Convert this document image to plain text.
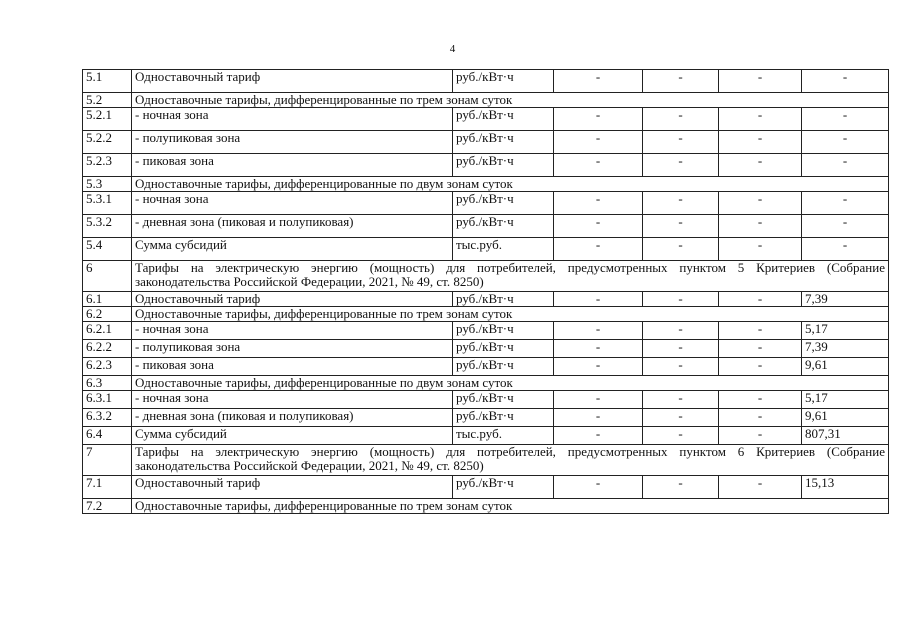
4
5.1	Одноставочный тариф	руб./кВт·ч	-	-	-	-
5.2	Одноставочные тарифы, дифференцированные по трем зонам суток					
5.2.1	- ночная зона	руб./кВт·ч	-	-	-	-
5.2.2	- полупиковая зона	руб./кВт·ч	-	-	-	-
5.2.3	- пиковая зона	руб./кВт·ч	-	-	-	-
5.3	Одноставочные тарифы, дифференцированные по двум зонам суток					
5.3.1	- ночная зона	руб./кВт·ч	-	-	-	-
5.3.2	- дневная зона (пиковая и полупиковая)	руб./кВт·ч	-	-	-	-
5.4	Сумма субсидий	тыс.руб.	-	-	-	-
6	Тарифы на электрическую энергию (мощность) для потребителей, предусмотренных пунктом 5 Критериев (Собрание законодательства Российской Федерации, 2021, № 49, ст. 8250)					
6.1	Одноставочный тариф	руб./кВт·ч	-	-	-	7,39
6.2	Одноставочные тарифы, дифференцированные по трем зонам суток					
6.2.1	- ночная зона	руб./кВт·ч	-	-	-	5,17
6.2.2	- полупиковая зона	руб./кВт·ч	-	-	-	7,39
6.2.3	- пиковая зона	руб./кВт·ч	-	-	-	9,61
6.3	Одноставочные тарифы, дифференцированные по двум зонам суток					
6.3.1	- ночная зона	руб./кВт·ч	-	-	-	5,17
6.3.2	- дневная зона (пиковая и полупиковая)	руб./кВт·ч	-	-	-	9,61
6.4	Сумма субсидий	тыс.руб.	-	-	-	807,31
7	Тарифы на электрическую энергию (мощность) для потребителей, предусмотренных пунктом 6 Критериев (Собрание законодательства Российской Федерации, 2021, № 49, ст. 8250)					
7.1	Одноставочный тариф	руб./кВт·ч	-	-	-	15,13
7.2	Одноставочные тарифы, дифференцированные по трем зонам суток					
